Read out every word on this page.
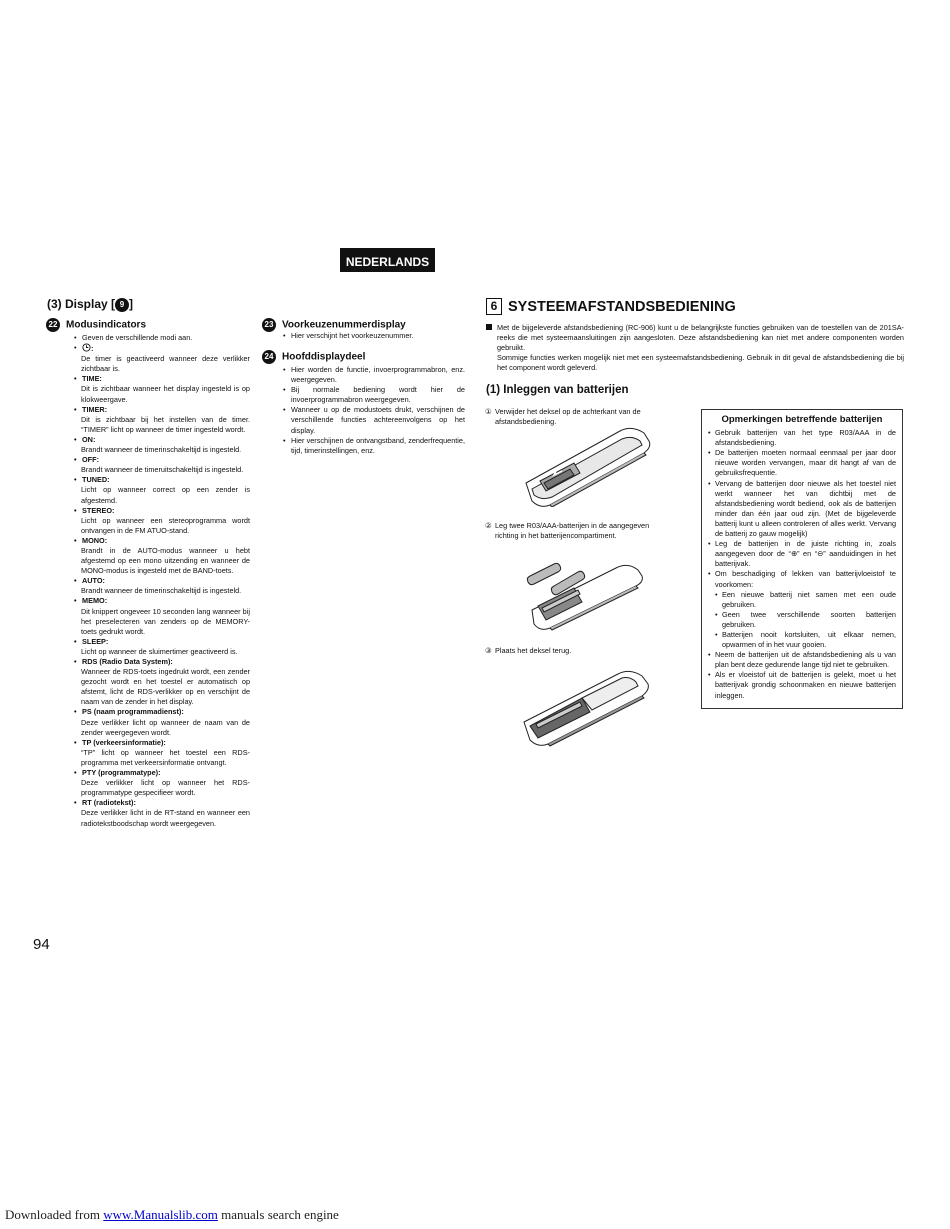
NEDERLANDS
(3) Display [ 9 ]
22 Modusindicators
• Geven de verschillende modi aan.
• :
De timer is geactiveerd wanneer deze verlikker zichtbaar is.
• TIME:
Dit is zichtbaar wanneer het display ingesteld is op klokweergave.
• TIMER:
Dit is zichtbaar bij het instellen van de timer. “TIMER” licht op wanneer de timer ingesteld wordt.
• ON:
Brandt wanneer de timerinschakeltijd is ingesteld.
• OFF:
Brandt wanneer de timeruitschakeltijd is ingesteld.
• TUNED:
Licht op wanneer correct op een zender is afgestemd.
• STEREO:
Licht op wanneer een stereoprogramma wordt ontvangen in de FM ATUO-stand.
• MONO:
Brandt in de AUTO-modus wanneer u hebt afgestemd op een mono uitzending en wanneer de MONO-modus is ingesteld met de BAND-toets.
• AUTO:
Brandt wanneer de timerinschakeltijd is ingesteld.
• MEMO:
Dit knippert ongeveer 10 seconden lang wanneer bij het preselecteren van zenders op de MEMORY-toets gedrukt wordt.
• SLEEP:
Licht op wanneer de sluimertimer geactiveerd is.
• RDS (Radio Data System):
Wanneer de RDS-toets ingedrukt wordt, een zender gezocht wordt en het toestel er automatisch op afstemt, licht de RDS-verlikker op en verschijnt de naam van de zender in het display.
• PS (naam programmadienst):
Deze verlikker licht op wanneer de naam van de zender weergegeven wordt.
• TP (verkeersinformatie):
“TP” licht op wanneer het toestel een RDS-programma met verkeersinformatie ontvangt.
• PTY (programmatype):
Deze verlikker licht op wanneer het RDS-programmatype gespecifieer wordt.
• RT (radiotekst):
Deze verlikker licht in de RT-stand en wanneer een radiotekstboodschap wordt weergegeven.
23 Voorkeuzenummerdisplay
• Hier verschijnt het voorkeuzenummer.
24 Hoofddisplaydeel
• Hier worden de functie, invoerprogrammabron, enz. weergegeven.
• Bij normale bediening wordt hier de invoerprogrammabron weergegeven.
• Wanneer u op de modustoets drukt, verschijnen de verschillende functies achtereenvolgens op het display.
• Hier verschijnen de ontvangstband, zenderfrequentie, tijd, timerinstellingen, enz.
6 SYSTEEMAFSTANDSBEDIENING
Met de bijgeleverde afstandsbediening (RC-906) kunt u de belangrijkste functies gebruiken van de toestellen van de 201SA-reeks die met systeemaansluitingen zijn aangesloten. Deze afstandsbediening kan niet met andere componenten worden gebruikt.
Sommige functies werken mogelijk niet met een systeemafstandsbediening. Gebruik in dit geval de afstandsbediening die bij het component wordt geleverd.
(1) Inleggen van batterijen
① Verwijder het deksel op de achterkant van de afstandsbediening.
② Leg twee R03/AAA-batterijen in de aangegeven richting in het batterijencompartiment.
③ Plaats het deksel terug.
Opmerkingen betreffende batterijen
• Gebruik batterijen van het type R03/AAA in de afstandsbediening.
• De batterijen moeten normaal eenmaal per jaar door nieuwe worden vervangen, maar dit hangt af van de gebruiksfrequentie.
• Vervang de batterijen door nieuwe als het toestel niet werkt wanneer het van dichtbij met de afstandsbediening wordt bediend, ook als de batterijen minder dan één jaar oud zijn. (Met de bijgeleverde batterij kunt u alleen controleren of alles werkt. Vervang de batterij zo gauw mogelijk)
• Leg de batterijen in de juiste richting in, zoals aangegeven door de “⊕” en “⊖” aanduidingen in het batterijvak.
• Om beschadiging of lekken van batterijvloeistof te voorkomen:
• Een nieuwe batterij niet samen met een oude gebruiken.
• Geen twee verschillende soorten batterijen gebruiken.
• Batterijen nooit kortsluiten, uit elkaar nemen, opwarmen of in het vuur gooien.
• Neem de batterijen uit de afstandsbediening als u van plan bent deze gedurende lange tijd niet te gebruiken.
• Als er vloeistof uit de batterijen is gelekt, moet u het batterijvak grondig schoonmaken en nieuwe batterijen inleggen.
94
Downloaded from www.Manualslib.com manuals search engine
